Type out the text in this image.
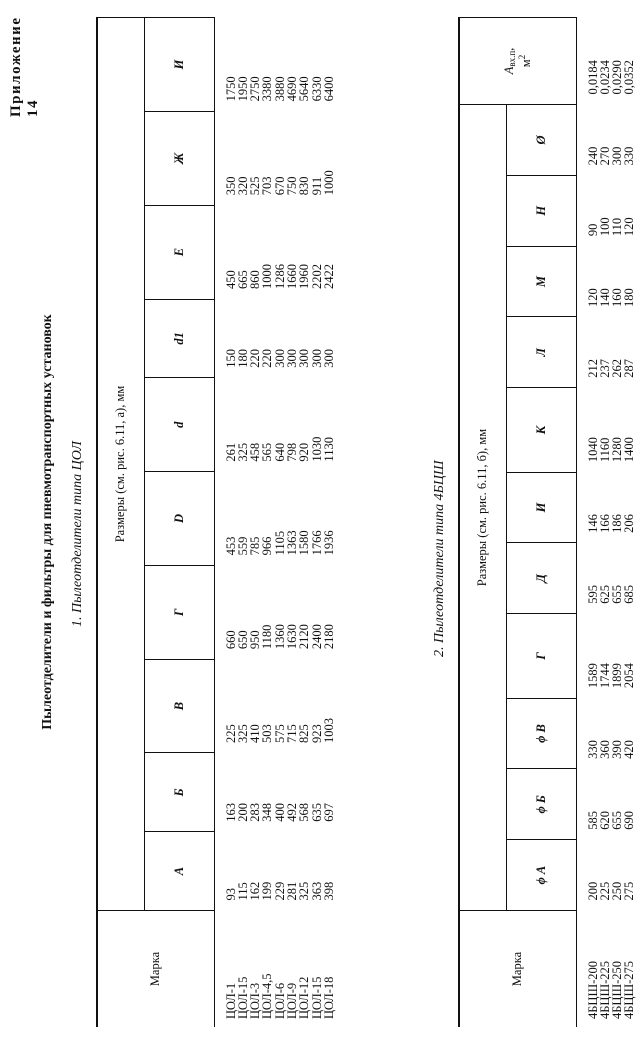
Приложение 14
Пылеотделители и фильтры для пневмотранспортных установок 1. Пылеотделители типа ЦОЛ
Марка	Размеры (см. рис. 6.11, а), мм									
	А	Б	В	Г	D	d	d1	Е	Ж	И

ЦОЛ-1	93	163	225	660	453	261	150	450	350	1750
ЦОЛ-15	115	200	325	650	559	325	180	665	320	1950
ЦОЛ-3	162	283	410	950	785	458	220	860	525	2750
ЦОЛ-4,5	199	348	503	1180	966	565	220	1000	703	3380
ЦОЛ-6	229	400	575	1360	1105	640	300	1286	670	3880
ЦОЛ-9	281	492	715	1630	1363	798	300	1660	750	4690
ЦОЛ-12	325	568	825	2120	1580	920	300	1960	830	5640
ЦОЛ-15	363	635	923	2400	1766	1030	300	2202	911	6330
ЦОЛ-18	398	697	1003	2180	1936	1130	300	2422	1000	6400
2. Пылеотделители типа 4БЦШ
Марка	Размеры (см. рис. 6.11, б), мм											$A_{вх.п}$,
$м^2$
	ϕ А	ϕ Б	ϕ В	Г	Д	И	К	Л	М	Н	Ø	

4БЦШ-200	200	585	330	1589	595	146	1040	212	120	90	240	0,0184
4БЦШ-225	225	620	360	1744	625	166	1160	237	140	100	270	0,0234
4БЦШ-250	250	655	390	1899	655	186	1280	262	160	110	300	0,0290
4БЦШ-275	275	690	420	2054	685	206	1400	287	180	120	330	0,0352
